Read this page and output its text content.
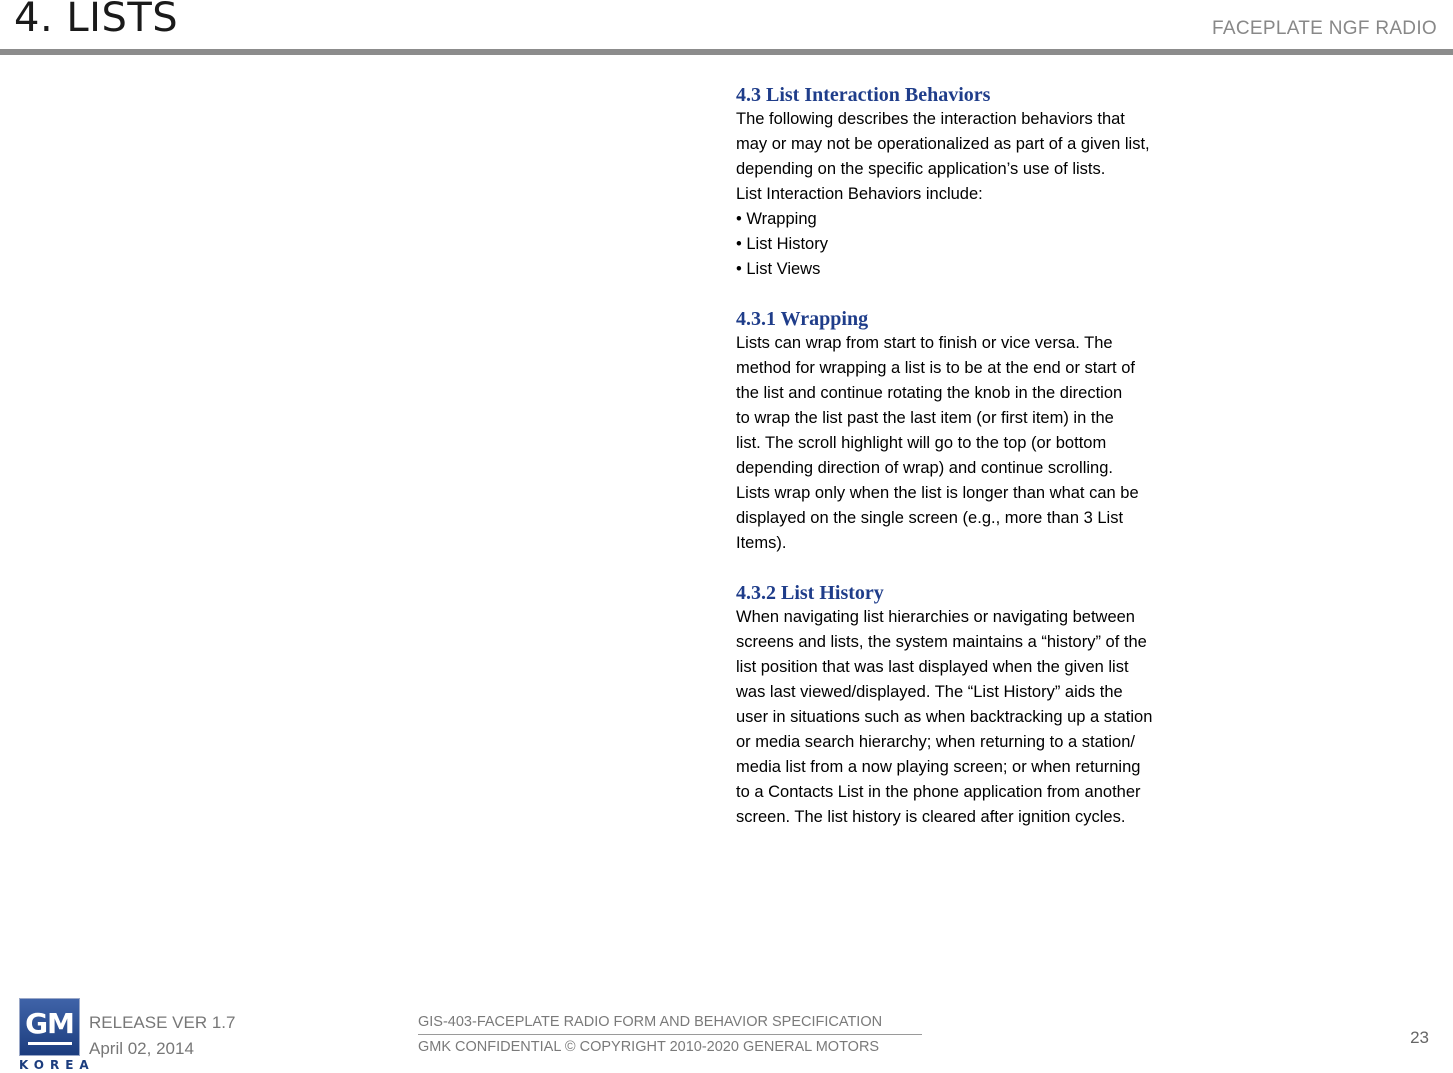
4. LISTS	FACEPLATE NGF RADIO
4.3 List Interaction Behaviors

The following describes the interaction behaviors that

may or may not be operationalized as part of a given list,

depending on the specific application’s use of lists.

List Interaction Behaviors include:

• Wrapping

• List History

• List Views

4.3.1 Wrapping

Lists can wrap from start to finish or vice versa. The

method for wrapping a list is to be at the end or start of

the list and continue rotating the knob in the direction

to wrap the list past the last item (or first item) in the

list. The scroll highlight will go to the top (or bottom

depending direction of wrap) and continue scrolling.

Lists wrap only when the list is longer than what can be

displayed on the single screen (e.g., more than 3 List

Items).

4.3.2 List History

When navigating list hierarchies or navigating between

screens and lists, the system maintains a “history” of the

list position that was last displayed when the given list

was last viewed/displayed. The “List History” aids the

user in situations such as when backtracking up a station

or media search hierarchy; when returning to a station/

media list from a now playing screen; or when returning

to a Contacts List in the phone application from another

screen. The list history is cleared after ignition cycles.

GM
KOREA
RELEASE VER 1.7
April 02, 2014
GIS-403-FACEPLATE RADIO FORM AND BEHAVIOR SPECIFICATION
GMK CONFIDENTIAL © COPYRIGHT 2010-2020 GENERAL MOTORS	23
